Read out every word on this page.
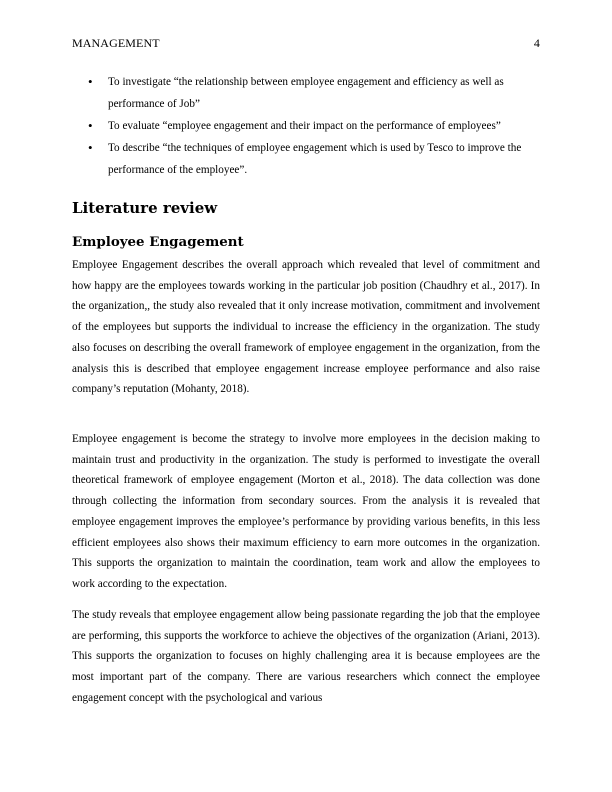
MANAGEMENT	4
• To investigate “the relationship between employee engagement and efficiency as well as performance of Job”
• To evaluate “employee engagement and their impact on the performance of employees”
• To describe “the techniques of employee engagement which is used by Tesco to improve the performance of the employee”.
Literature review
Employee Engagement

Employee Engagement describes the overall approach which revealed that level of commitment and how happy are the employees towards working in the particular job position (Chaudhry et al., 2017). In the organization,, the study also revealed that it only increase motivation, commitment and involvement of the employees but supports the individual to increase the efficiency in the organization. The study also focuses on describing the overall framework of employee engagement in the organization, from the analysis this is described that employee engagement increase employee performance and also raise company’s reputation (Mohanty, 2018).

Employee engagement is become the strategy to involve more employees in the decision making to maintain trust and productivity in the organization. The study is performed to investigate the overall theoretical framework of employee engagement (Morton et al., 2018). The data collection was done through collecting the information from secondary sources. From the analysis it is revealed that employee engagement improves the employee’s performance by providing various benefits, in this less efficient employees also shows their maximum efficiency to earn more outcomes in the organization. This supports the organization to maintain the coordination, team work and allow the employees to work according to the expectation.

The study reveals that employee engagement allow being passionate regarding the job that the employee are performing, this supports the workforce to achieve the objectives of the organization (Ariani, 2013). This supports the organization to focuses on highly challenging area it is because employees are the most important part of the company. There are various researchers which connect the employee engagement concept with the psychological and various
